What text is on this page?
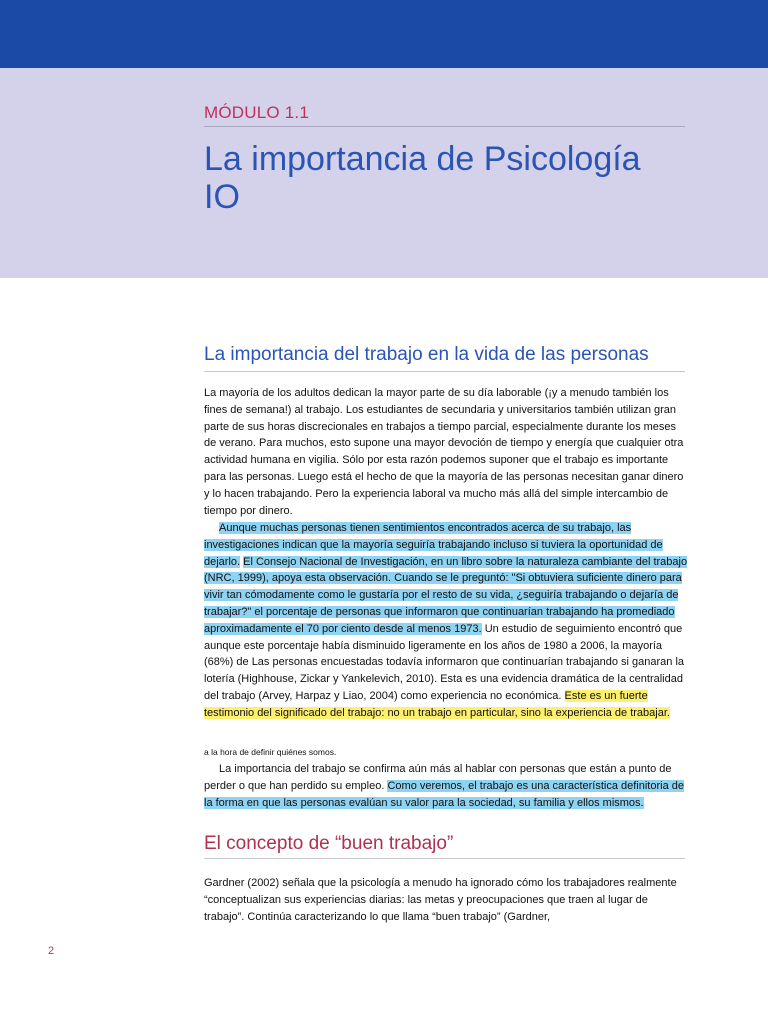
MÓDULO 1.1
La importancia de Psicología IO
La importancia del trabajo en la vida de las personas
La mayoría de los adultos dedican la mayor parte de su día laborable (¡y a menudo también los fines de semana!) al trabajo. Los estudiantes de secundaria y universitarios también utilizan gran parte de sus horas discrecionales en trabajos a tiempo parcial, especialmente durante los meses de verano. Para muchos, esto supone una mayor devoción de tiempo y energía que cualquier otra actividad humana en vigilia. Sólo por esta razón podemos suponer que el trabajo es importante para las personas. Luego está el hecho de que la mayoría de las personas necesitan ganar dinero y lo hacen trabajando. Pero la experiencia laboral va mucho más allá del simple intercambio de tiempo por dinero.
Aunque muchas personas tienen sentimientos encontrados acerca de su trabajo, las investigaciones indican que la mayoría seguiría trabajando incluso si tuviera la oportunidad de dejarlo. El Consejo Nacional de Investigación, en un libro sobre la naturaleza cambiante del trabajo (NRC, 1999), apoya esta observación. Cuando se le preguntó: "Si obtuviera suficiente dinero para vivir tan cómodamente como le gustaría por el resto de su vida, ¿seguiría trabajando o dejaría de trabajar?" el porcentaje de personas que informaron que continuarían trabajando ha promediado aproximadamente el 70 por ciento desde al menos 1973. Un estudio de seguimiento encontró que aunque este porcentaje había disminuido ligeramente en los años de 1980 a 2006, la mayoría (68%) de Las personas encuestadas todavía informaron que continuarían trabajando si ganaran la lotería (Highhouse, Zickar y Yankelevich, 2010). Esta es una evidencia dramática de la centralidad del trabajo (Arvey, Harpaz y Liao, 2004) como experiencia no económica. Este es un fuerte testimonio del significado del trabajo: no un trabajo en particular, sino la experiencia de trabajar.
a la hora de definir quiénes somos.
La importancia del trabajo se confirma aún más al hablar con personas que están a punto de perder o que han perdido su empleo. Como veremos, el trabajo es una característica definitoria de la forma en que las personas evalúan su valor para la sociedad, su familia y ellos mismos.
El concepto de “buen trabajo”
Gardner (2002) señala que la psicología a menudo ha ignorado cómo los trabajadores realmente “conceptualizan sus experiencias diarias: las metas y preocupaciones que traen al lugar de trabajo”. Continúa caracterizando lo que llama “buen trabajo” (Gardner,
2
